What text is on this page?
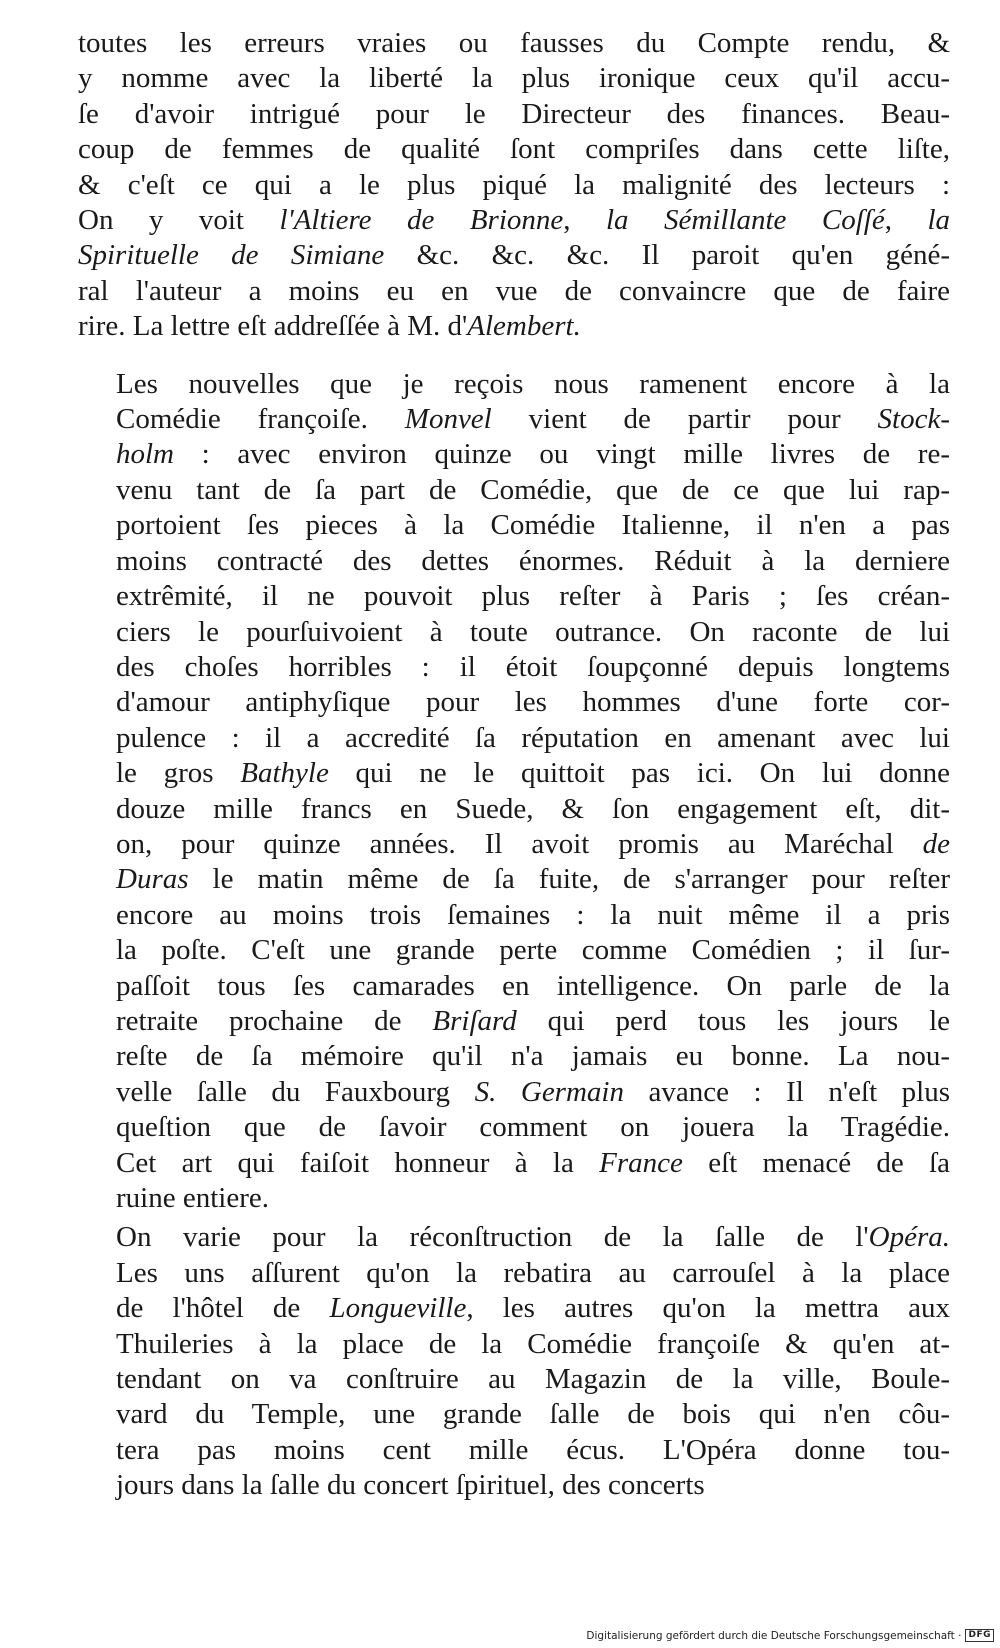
toutes les erreurs vraies ou fausses du Compte rendu, &
y nomme avec la liberté la plus ironique ceux qu'il accu-
ſe d'avoir intrigué pour le Directeur des finances. Beau-
coup de femmes de qualité ſont compriſes dans cette liſte,
& c'eſt ce qui a le plus piqué la malignité des lecteurs :
On y voit l'Altiere de Brionne, la Sémillante Coſſé, la
Spirituelle de Simiane &c. &c. &c. Il paroit qu'en géné-
ral l'auteur a moins eu en vue de convaincre que de faire
rire. La lettre eſt addreſſée à M. d'Alembert.
Les nouvelles que je reçois nous ramenent encore à la
Comédie françoiſe. Monvel vient de partir pour Stock-
holm : avec environ quinze ou vingt mille livres de re-
venu tant de ſa part de Comédie, que de ce que lui rap-
portoient ſes pieces à la Comédie Italienne, il n'en a pas
moins contracté des dettes énormes. Réduit à la derniere
extrêmité, il ne pouvoit plus reſter à Paris ; ſes créan-
ciers le pourſuivoient à toute outrance. On raconte de lui
des choſes horribles : il étoit ſoupçonné depuis longtems
d'amour antiphyſique pour les hommes d'une forte cor-
pulence : il a accredité ſa réputation en amenant avec lui
le gros Bathyle qui ne le quittoit pas ici. On lui donne
douze mille francs en Suede, & ſon engagement eſt, dit-
on, pour quinze années. Il avoit promis au Maréchal de
Duras le matin même de ſa fuite, de s'arranger pour reſter
encore au moins trois ſemaines : la nuit même il a pris
la poſte. C'eſt une grande perte comme Comédien ; il ſur-
paſſoit tous ſes camarades en intelligence. On parle de la
retraite prochaine de Briſard qui perd tous les jours le
reſte de ſa mémoire qu'il n'a jamais eu bonne. La nou-
velle ſalle du Fauxbourg S. Germain avance : Il n'eſt plus
queſtion que de ſavoir comment on jouera la Tragédie.
Cet art qui faiſoit honneur à la France eſt menacé de ſa
ruine entiere.
On varie pour la réconſtruction de la ſalle de l'Opéra.
Les uns aſſurent qu'on la rebatira au carrouſel à la place
de l'hôtel de Longueville, les autres qu'on la mettra aux
Thuileries à la place de la Comédie françoiſe & qu'en at-
tendant on va conſtruire au Magazin de la ville, Boule-
vard du Temple, une grande ſalle de bois qui n'en côu-
tera pas moins cent mille écus. L'Opéra donne tou-
jours dans la ſalle du concert ſpirituel, des concerts
Digitalisierung gefördert durch die Deutsche Forschungsgemeinschaft · DFG
